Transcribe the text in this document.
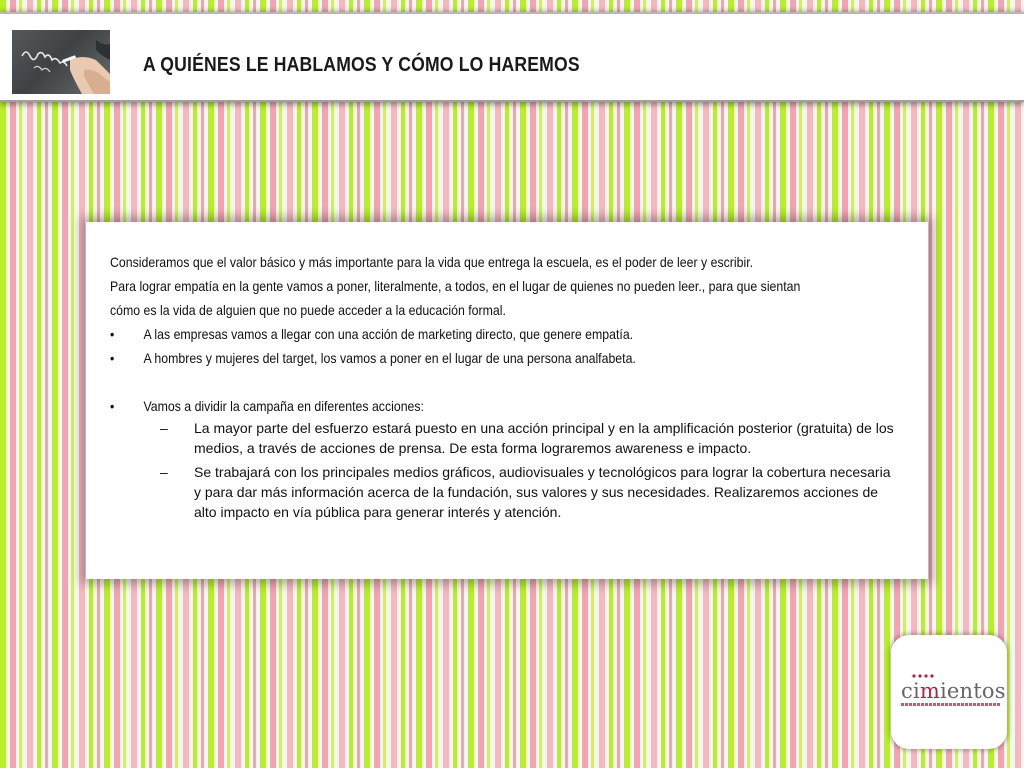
A QUIÉNES LE HABLAMOS Y CÓMO LO HAREMOS
Consideramos que el valor básico y más importante para la vida que entrega la escuela, es el poder de leer y escribir.
Para lograr empatía en la gente vamos a poner, literalmente, a todos, en el lugar de quienes no pueden leer., para que sientan
cómo es la vida de alguien que no puede acceder a la educación formal.
• A las empresas vamos a llegar con una acción de marketing directo, que genere empatía.
• A hombres y mujeres del target, los vamos a poner en el lugar de una persona analfabeta.
• Vamos a dividir la campaña en diferentes acciones:
– La mayor parte del esfuerzo estará puesto en una acción principal y en la amplificación posterior (gratuita) de los medios, a través de acciones de prensa. De esta forma lograremos awareness e impacto.
– Se trabajará con los principales medios gráficos, audiovisuales y tecnológicos para lograr la cobertura necesaria y para dar más información acerca de la fundación, sus valores y sus necesidades. Realizaremos acciones de alto impacto en vía pública para generar interés y atención.
cimientos
